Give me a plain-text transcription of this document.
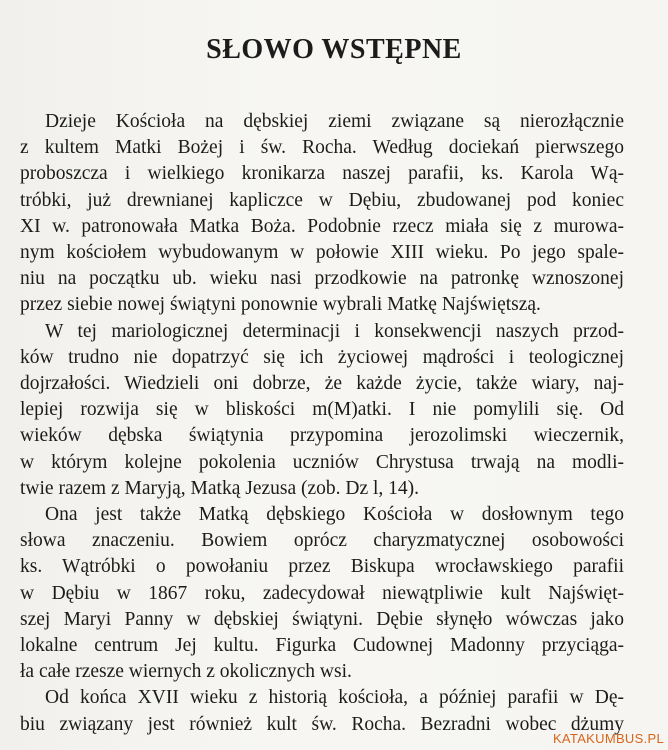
SŁOWO WSTĘPNE
Dzieje Kościoła na dębskiej ziemi związane są nierozłącznie
z kultem Matki Bożej i św. Rocha. Według dociekań pierwszego
proboszcza i wielkiego kronikarza naszej parafii, ks. Karola Wą-
tróbki, już drewnianej kapliczce w Dębiu, zbudowanej pod koniec
XI w. patronowała Matka Boża. Podobnie rzecz miała się z murowa-
nym kościołem wybudowanym w połowie XIII wieku. Po jego spale-
niu na początku ub. wieku nasi przodkowie na patronkę wznoszonej
przez siebie nowej świątyni ponownie wybrali Matkę Najświętszą.
W tej mariologicznej determinacji i konsekwencji naszych przod-
ków trudno nie dopatrzyć się ich życiowej mądrości i teologicznej
dojrzałości. Wiedzieli oni dobrze, że każde życie, także wiary, naj-
lepiej rozwija się w bliskości m(M)atki. I nie pomylili się. Od
wieków dębska świątynia przypomina jerozolimski wieczernik,
w którym kolejne pokolenia uczniów Chrystusa trwają na modli-
twie razem z Maryją, Matką Jezusa (zob. Dz l, 14).
Ona jest także Matką dębskiego Kościoła w dosłownym tego
słowa znaczeniu. Bowiem oprócz charyzmatycznej osobowości
ks. Wątróbki o powołaniu przez Biskupa wrocławskiego parafii
w Dębiu w 1867 roku, zadecydował niewątpliwie kult Najświęt-
szej Maryi Panny w dębskiej świątyni. Dębie słynęło wówczas jako
lokalne centrum Jej kultu. Figurka Cudownej Madonny przyciąga-
ła całe rzesze wiernych z okolicznych wsi.
Od końca XVII wieku z historią kościoła, a później parafii w Dę-
biu związany jest również kult św. Rocha. Bezradni wobec dżumy
KATAKUMBUS.PL
